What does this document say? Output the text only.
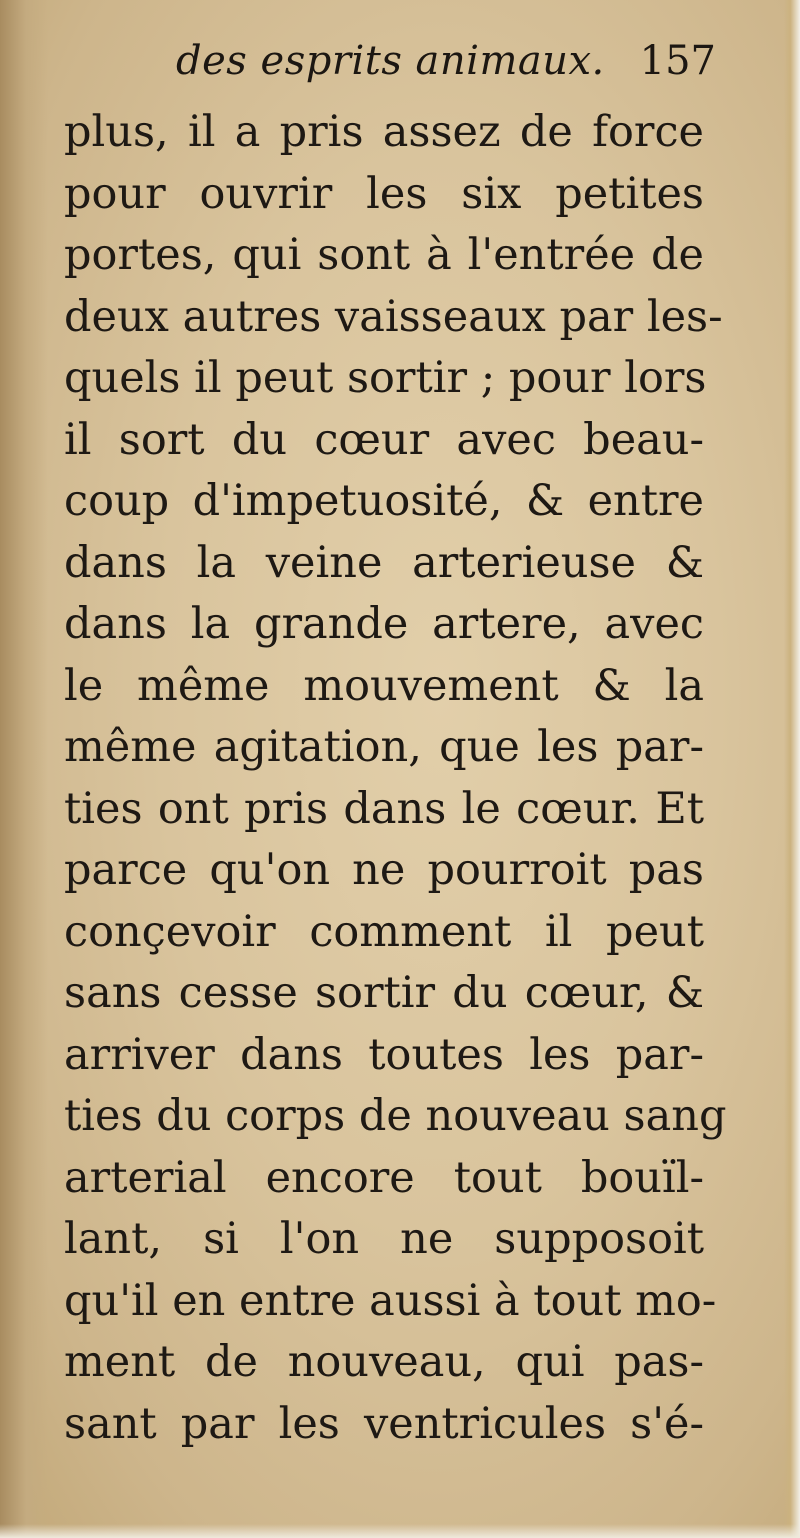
des esprits animaux. 157
plus, il a pris assez de force
pour ouvrir les six petites
portes, qui sont à l'entrée de
deux autres vaisseaux par les-
quels il peut sortir ; pour lors
il sort du cœur avec beau-
coup d'impetuosité, & entre
dans la veine arterieuse &
dans la grande artere, avec
le même mouvement & la
même agitation, que les par-
ties ont pris dans le cœur. Et
parce qu'on ne pourroit pas
conçevoir comment il peut
sans cesse sortir du cœur, &
arriver dans toutes les par-
ties du corps de nouveau sang
arterial encore tout bouïl-
lant, si l'on ne supposoit
qu'il en entre aussi à tout mo-
ment de nouveau, qui pas-
sant par les ventricules s'é-
